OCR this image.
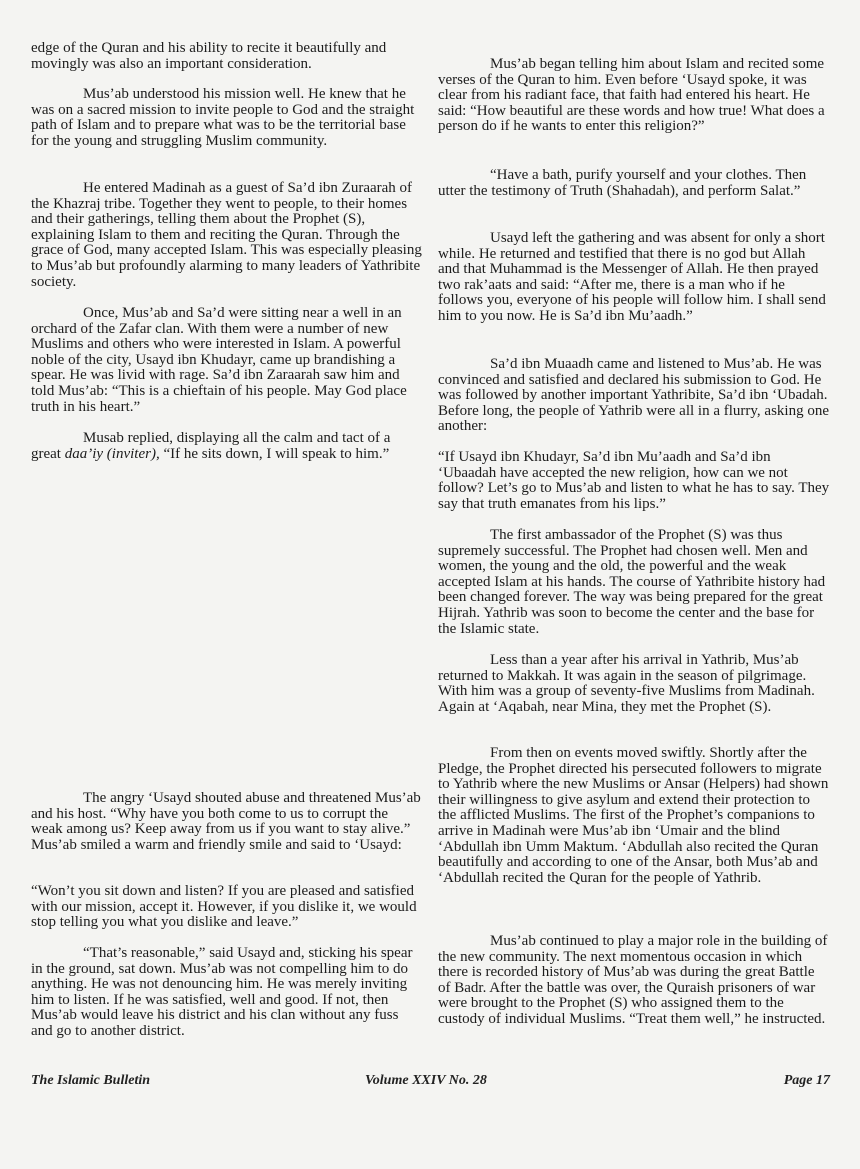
edge of the Quran and his ability to recite it beautifully and movingly was also an important consideration.

Mus’ab understood his mission well. He knew that he was on a sacred mission to invite people to God and the straight path of Islam and to prepare what was to be the territorial base for the young and struggling Muslim community.

He entered Madinah as a guest of Sa’d ibn Zuraarah of the Khazraj tribe. Together they went to people, to their homes and their gatherings, telling them about the Prophet (S), explaining Islam to them and reciting the Quran. Through the grace of God, many accepted Islam. This was especially pleasing to Mus’ab but profoundly alarming to many leaders of Yathribite society.

Once, Mus’ab and Sa’d were sitting near a well in an orchard of the Zafar clan. With them were a number of new Muslims and others who were interested in Islam. A powerful noble of the city, Usayd ibn Khudayr, came up brandishing a spear. He was livid with rage. Sa’d ibn Zaraarah saw him and told Mus’ab: “This is a chieftain of his people. May God place truth in his heart.”

Musab replied, displaying all the calm and tact of a great daa’iy (inviter), “If he sits down, I will speak to him.”

The angry ‘Usayd shouted abuse and threatened Mus’ab and his host. “Why have you both come to us to corrupt the weak among us? Keep away from us if you want to stay alive.” Mus’ab smiled a warm and friendly smile and said to ‘Usayd:

“Won’t you sit down and listen? If you are pleased and satisfied with our mission, accept it. However, if you dislike it, we would stop telling you what you dislike and leave.”

“That’s reasonable,” said Usayd and, sticking his spear in the ground, sat down. Mus’ab was not compelling him to do anything. He was not denouncing him. He was merely inviting him to listen. If he was satisfied, well and good. If not, then Mus’ab would leave his district and his clan without any fuss and go to another district.

Mus’ab began telling him about Islam and recited some verses of the Quran to him. Even before ‘Usayd spoke, it was clear from his radiant face, that faith had entered his heart. He said: “How beautiful are these words and how true! What does a person do if he wants to enter this religion?”

“Have a bath, purify yourself and your clothes. Then utter the testimony of Truth (Shahadah), and perform Salat.”

Usayd left the gathering and was absent for only a short while. He returned and testified that there is no god but Allah and that Muhammad is the Messenger of Allah. He then prayed two rak’aats and said: “After me, there is a man who if he follows you, everyone of his people will follow him. I shall send him to you now. He is Sa’d ibn Mu’aadh.”

Sa’d ibn Muaadh came and listened to Mus’ab. He was convinced and satisfied and declared his submission to God. He was followed by another important Yathribite, Sa’d ibn ‘Ubadah. Before long, the people of Yathrib were all in a flurry, asking one another:

“If Usayd ibn Khudayr, Sa’d ibn Mu’aadh and Sa’d ibn ‘Ubaadah have accepted the new religion, how can we not follow? Let’s go to Mus’ab and listen to what he has to say. They say that truth emanates from his lips.”

The first ambassador of the Prophet (S) was thus supremely successful. The Prophet had chosen well. Men and women, the young and the old, the powerful and the weak accepted Islam at his hands. The course of Yathribite history had been changed forever. The way was being prepared for the great Hijrah. Yathrib was soon to become the center and the base for the Islamic state.

Less than a year after his arrival in Yathrib, Mus’ab returned to Makkah. It was again in the season of pilgrimage. With him was a group of seventy-five Muslims from Madinah. Again at ‘Aqabah, near Mina, they met the Prophet (S).

From then on events moved swiftly. Shortly after the Pledge, the Prophet directed his persecuted followers to migrate to Yathrib where the new Muslims or Ansar (Helpers) had shown their willingness to give asylum and extend their protection to the afflicted Muslims. The first of the Prophet’s companions to arrive in Madinah were Mus’ab ibn ‘Umair and the blind ‘Abdullah ibn Umm Maktum. ‘Abdullah also recited the Quran beautifully and according to one of the Ansar, both Mus’ab and ‘Abdullah recited the Quran for the people of Yathrib.

Mus’ab continued to play a major role in the building of the new community. The next momentous occasion in which there is recorded history of Mus’ab was during the great Battle of Badr. After the battle was over, the Quraish prisoners of war were brought to the Prophet (S) who assigned them to the custody of individual Muslims. “Treat them well,” he instructed.

The Islamic Bulletin	Volume XXIV No. 28	Page 17
